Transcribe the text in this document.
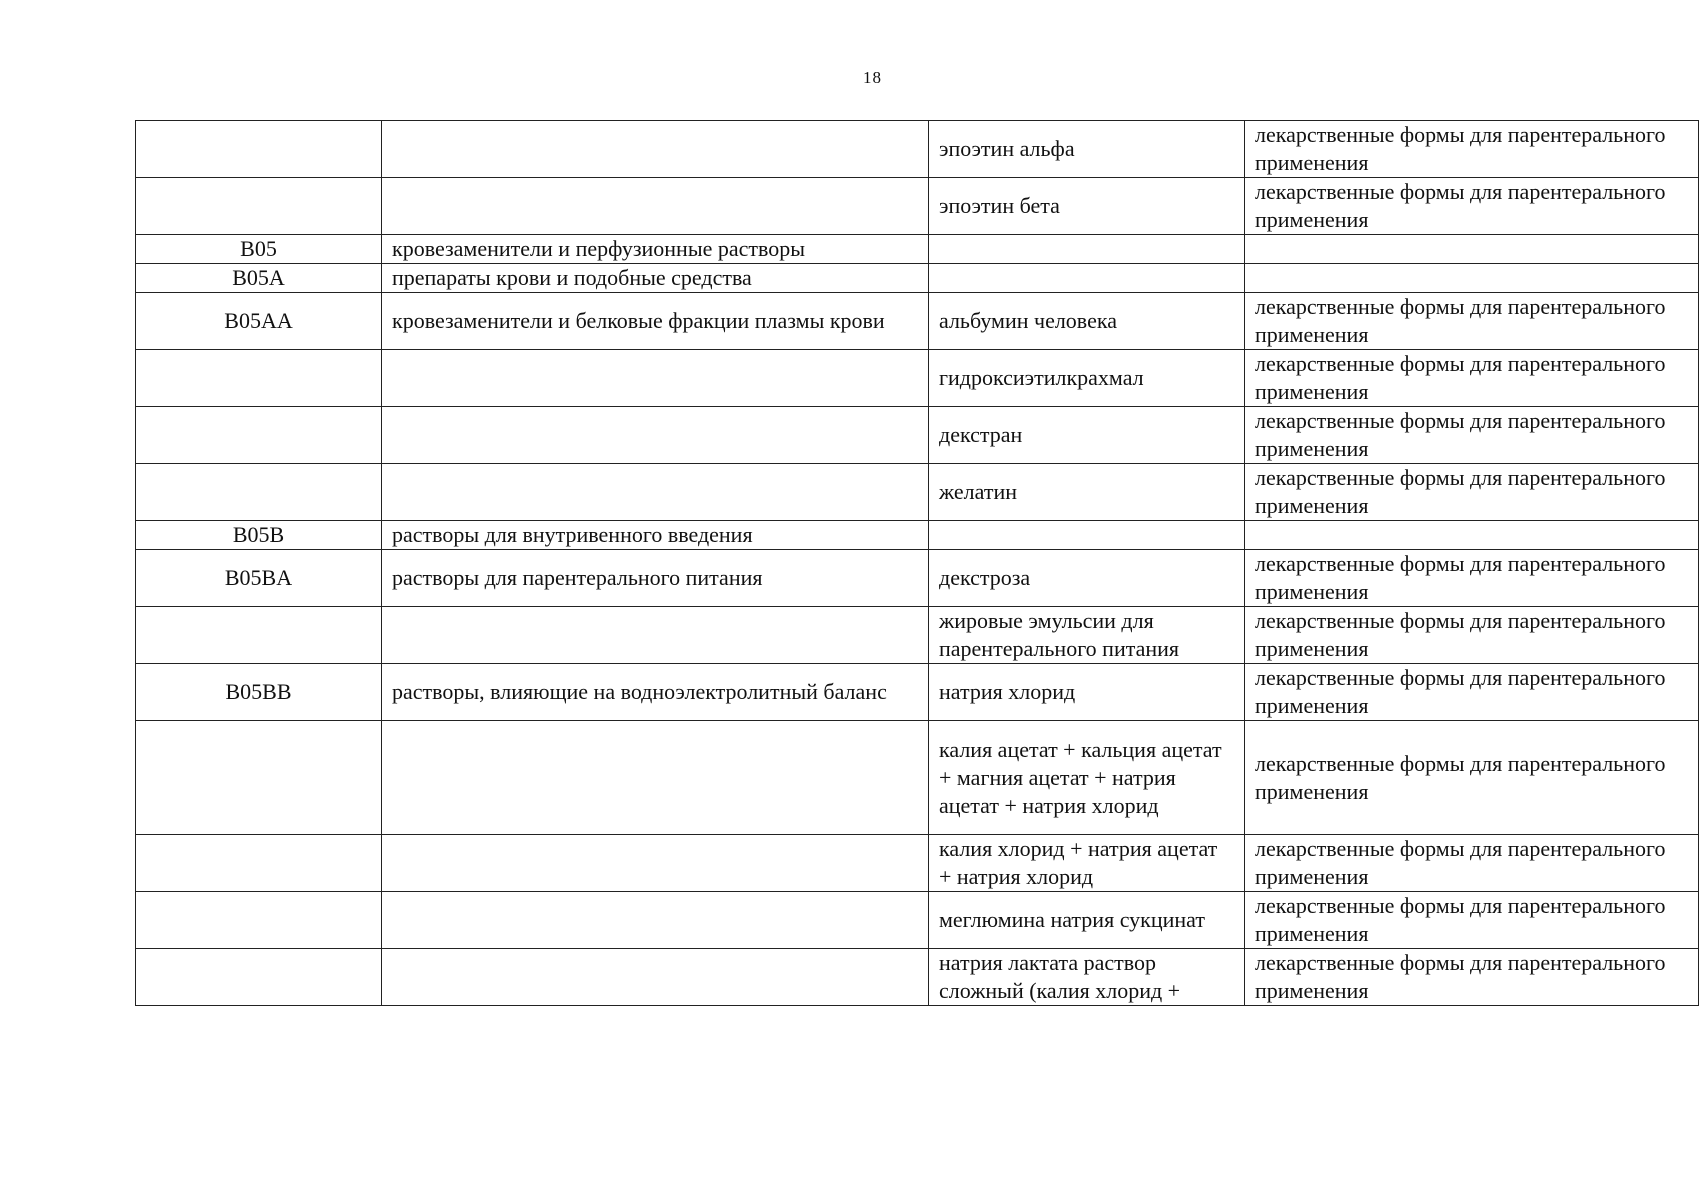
18
		эпоэтин альфа	лекарственные формы для парентерального применения
		эпоэтин бета	лекарственные формы для парентерального применения
B05	кровезаменители и перфузионные растворы		
B05A	препараты крови и подобные средства		
B05AA	кровезаменители и белковые фракции плазмы крови	альбумин человека	лекарственные формы для парентерального применения
		гидроксиэтилкрахмал	лекарственные формы для парентерального применения
		декстран	лекарственные формы для парентерального применения
		желатин	лекарственные формы для парентерального применения
B05B	растворы для внутривенного введения		
B05BA	растворы для парентерального питания	декстроза	лекарственные формы для парентерального применения
		жировые эмульсии для парентерального питания	лекарственные формы для парентерального применения
B05BB	растворы, влияющие на водноэлектролитный баланс	натрия хлорид	лекарственные формы для парентерального применения
		калия ацетат + кальция ацетат + магния ацетат + натрия ацетат + натрия хлорид	лекарственные формы для парентерального применения
		калия хлорид + натрия ацетат + натрия хлорид	лекарственные формы для парентерального применения
		меглюмина натрия сукцинат	лекарственные формы для парентерального применения
		натрия лактата раствор сложный (калия хлорид +	лекарственные формы для парентерального применения
